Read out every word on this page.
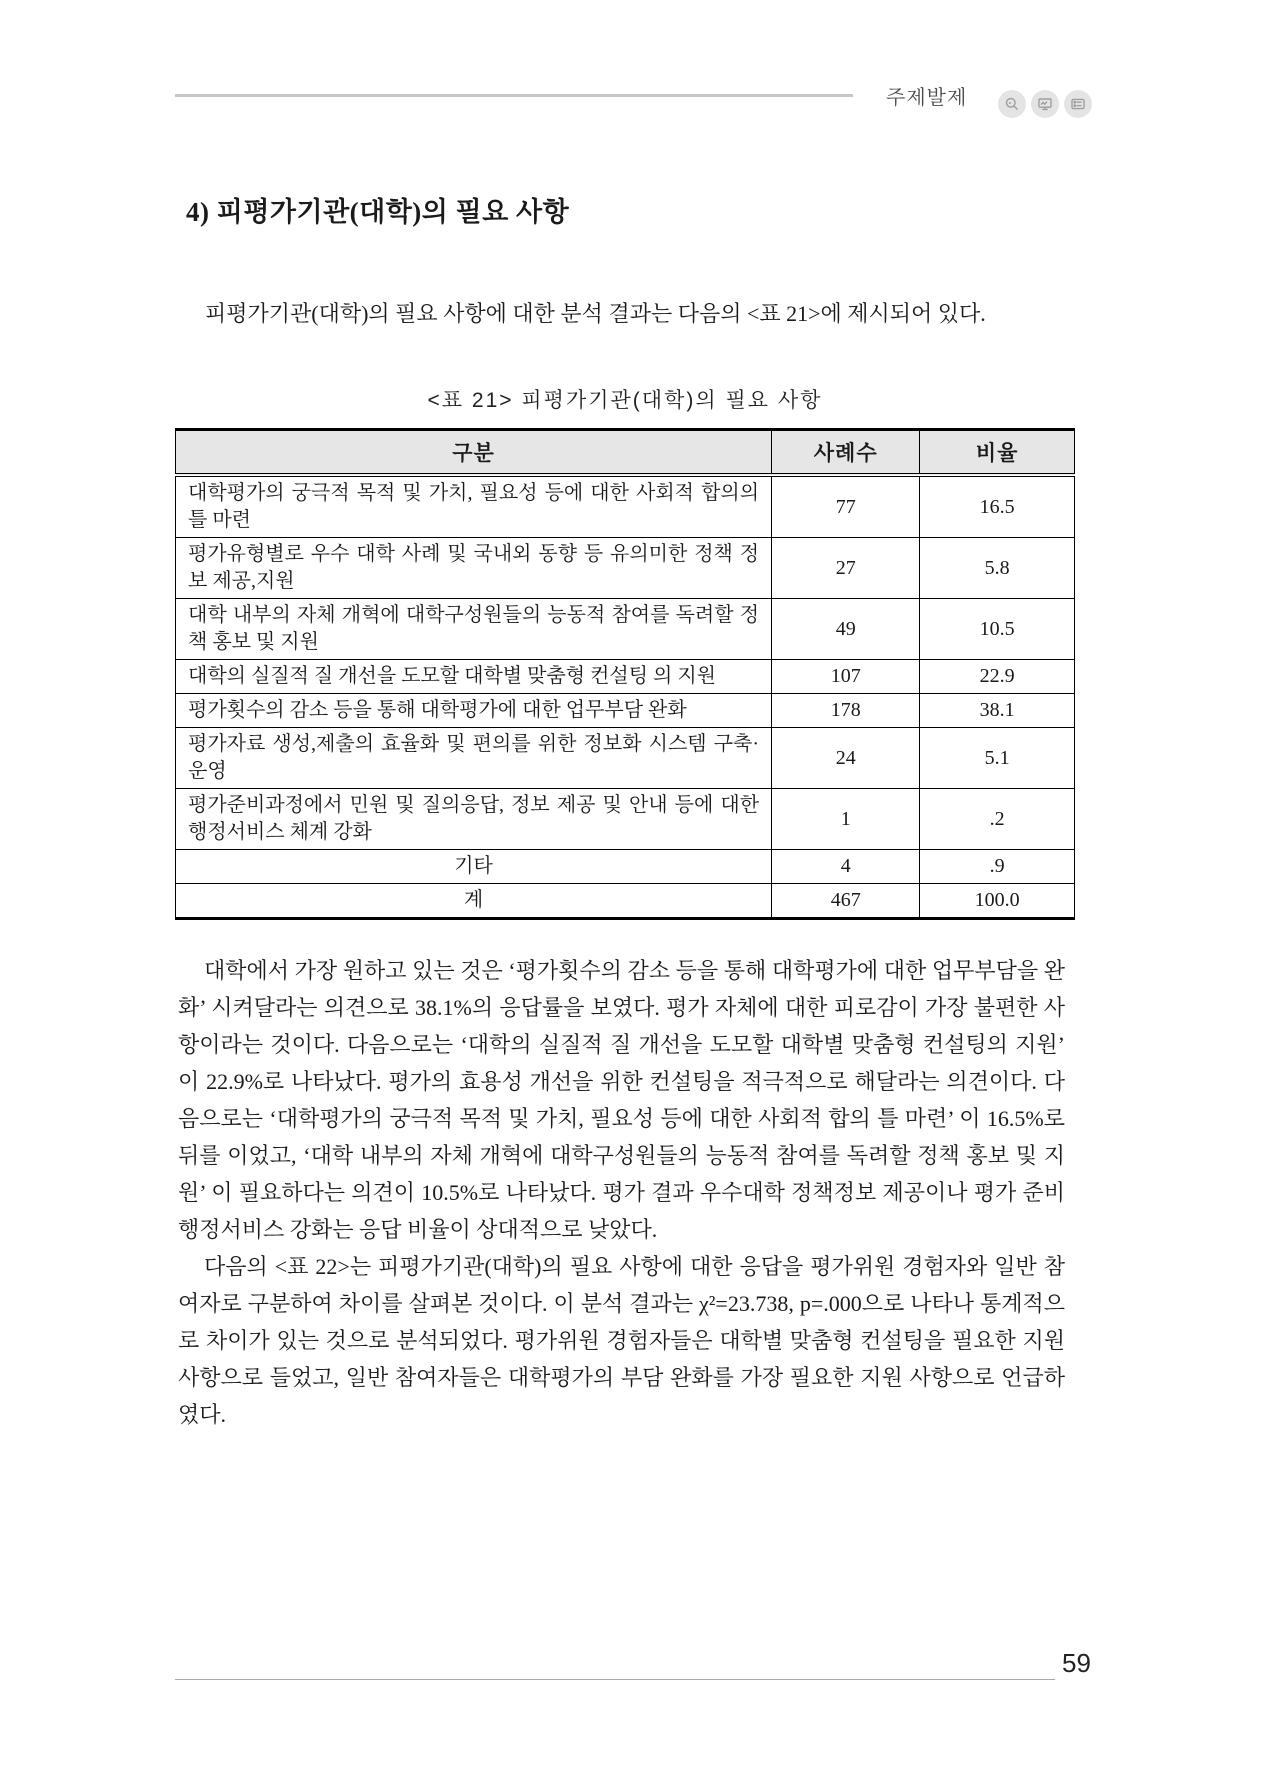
주제발제
4) 피평가기관(대학)의 필요 사항

피평가기관(대학)의 필요 사항에 대한 분석 결과는 다음의 <표 21>에 제시되어 있다.

<표 21> 피평가기관(대학)의 필요 사항
구분	사례수	비율
대학평가의 궁극적 목적 및 가치, 필요성 등에 대한 사회적 합의의 틀 마련	77	16.5
평가유형별로 우수 대학 사례 및 국내외 동향 등 유의미한 정책 정보 제공,지원	27	5.8
대학 내부의 자체 개혁에 대학구성원들의 능동적 참여를 독려할 정책 홍보 및 지원	49	10.5
대학의 실질적 질 개선을 도모할 대학별 맞춤형 컨설팅 의 지원	107	22.9
평가횟수의 감소 등을 통해 대학평가에 대한 업무부담 완화	178	38.1
평가자료 생성,제출의 효율화 및 편의를 위한 정보화 시스템 구축·운영	24	5.1
평가준비과정에서 민원 및 질의응답, 정보 제공 및 안내 등에 대한 행정서비스 체계 강화	1	.2
기타	4	.9
계	467	100.0

대학에서 가장 원하고 있는 것은 ‘평가횟수의 감소 등을 통해 대학평가에 대한 업무부담을 완화’ 시켜달라는 의견으로 38.1%의 응답률을 보였다. 평가 자체에 대한 피로감이 가장 불편한 사항이라는 것이다. 다음으로는 ‘대학의 실질적 질 개선을 도모할 대학별 맞춤형 컨설팅의 지원’ 이 22.9%로 나타났다. 평가의 효용성 개선을 위한 컨설팅을 적극적으로 해달라는 의견이다. 다음으로는 ‘대학평가의 궁극적 목적 및 가치, 필요성 등에 대한 사회적 합의 틀 마련’ 이 16.5%로 뒤를 이었고, ‘대학 내부의 자체 개혁에 대학구성원들의 능동적 참여를 독려할 정책 홍보 및 지원’ 이 필요하다는 의견이 10.5%로 나타났다. 평가 결과 우수대학 정책정보 제공이나 평가 준비 행정서비스 강화는 응답 비율이 상대적으로 낮았다.

다음의 <표 22>는 피평가기관(대학)의 필요 사항에 대한 응답을 평가위원 경험자와 일반 참여자로 구분하여 차이를 살펴본 것이다. 이 분석 결과는 χ²=23.738, p=.000으로 나타나 통계적으로 차이가 있는 것으로 분석되었다. 평가위원 경험자들은 대학별 맞춤형 컨설팅을 필요한 지원 사항으로 들었고, 일반 참여자들은 대학평가의 부담 완화를 가장 필요한 지원 사항으로 언급하였다.

59
